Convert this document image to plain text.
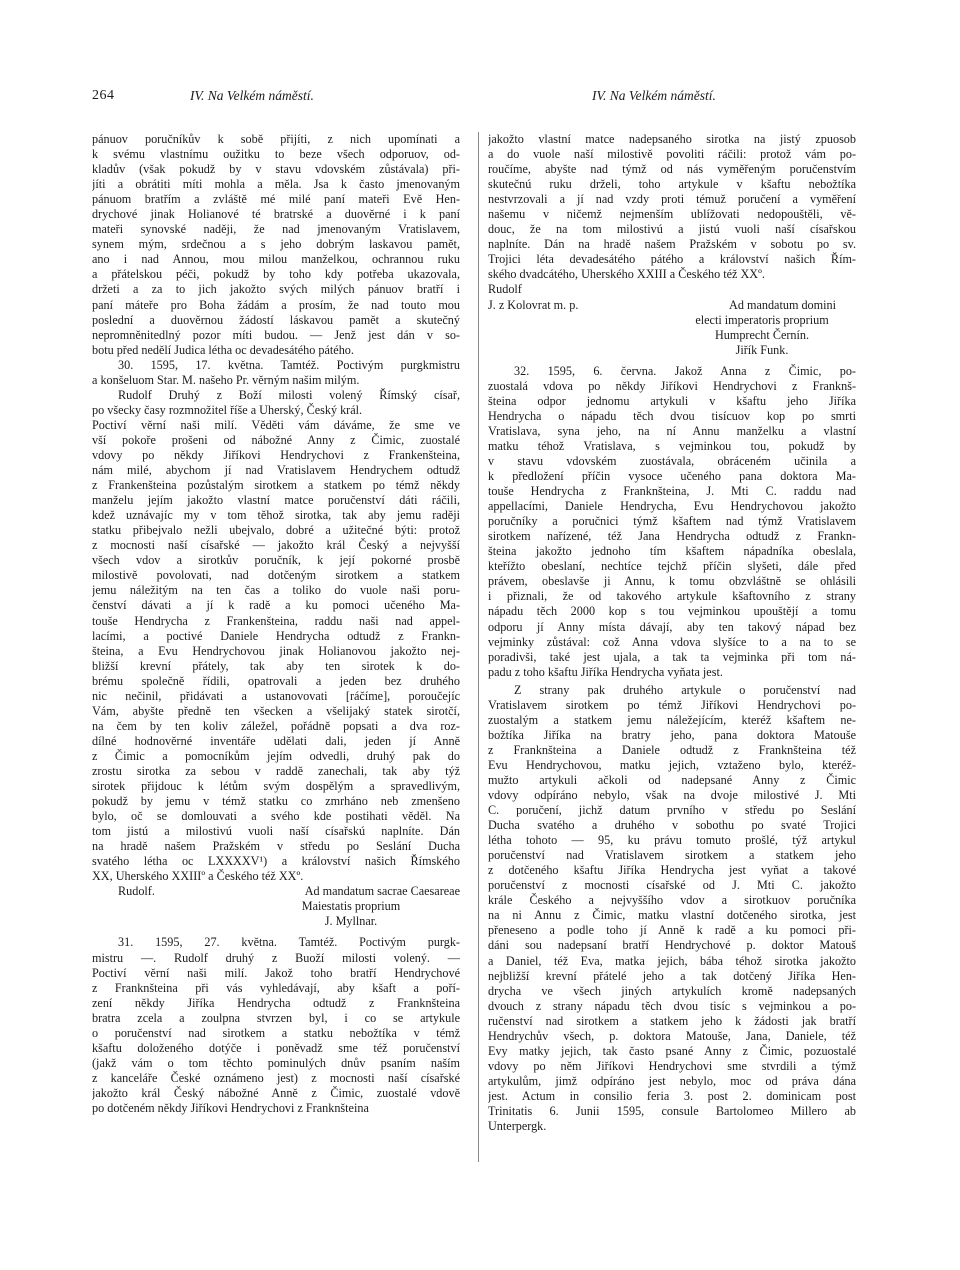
264	IV. Na Velkém náměstí.	IV. Na Velkém náměstí.
pánuov poručníkův k sobě přijíti, z nich upomínati a
k svému vlastnímu oužitku to beze všech odporuov, od-
kladův (však pokudž by v stavu vdovském zůstávala) při-
jíti a obrátiti míti mohla a měla. Jsa k často jmenovaným
pánuom bratřím a zvláště mé milé paní mateři Evě Hen-
drychové jinak Holianové té bratrské a duověrné i k paní
mateři synovské naději, že nad jmenovaným Vratislavem,
synem mým, srdečnou a s jeho dobrým laskavou pamět,
ano i nad Annou, mou milou manželkou, ochrannou ruku
a přátelskou péči, pokudž by toho kdy potřeba ukazovala,
držeti a za to jich jakožto svých milých pánuov bratří i
paní máteře pro Boha žádám a prosím, že nad touto mou
poslední a duověrnou žádostí láskavou pamět a skutečný
nepromněnitedlný pozor míti budou. — Jenž jest dán v so-
botu před nedělí Judica létha oc devadesátého pátého.
30. 1595, 17. května. Tamtéž. Poctivým purgkmistru
a konšeluom Star. M. našeho Pr. věrným našim milým.
Rudolf Druhý z Boží milosti volený Římský císař,
po všecky časy rozmnožitel říše a Uherský, Český král.
Poctiví věrní naši milí. Věděti vám dáváme, že sme ve
vší pokoře prošeni od nábožné Anny z Čimic, zuostalé
vdovy po někdy Jiříkovi Hendrychovi z Frankenšteina,
nám milé, abychom jí nad Vratislavem Hendrychem odtudž
z Frankenšteina pozůstalým sirotkem a statkem po témž někdy
manželu jejím jakožto vlastní matce poručenství dáti ráčili,
kdež uznávajíc my v tom těhož sirotka, tak aby jemu raději
statku přibejvalo nežli ubejvalo, dobré a užitečné býti: protož
z mocnosti naší císařské — jakožto král Český a nejvyšší
všech vdov a sirotkův poručník, k její pokorné prosbě
milostivě povolovati, nad dotčeným sirotkem a statkem
jemu náležitým na ten čas a toliko do vuole naši poru-
čenství dávati a jí k radě a ku pomoci učeného Ma-
touše Hendrycha z Frankenšteina, raddu naši nad appel-
lacími, a poctivé Daniele Hendrycha odtudž z Frankn-
šteina, a Evu Hendrychovou jinak Holianovou jakožto nej-
bližší krevní přátely, tak aby ten sirotek k do-
brému společně řídili, opatrovali a jeden bez druhého
nic nečinil, přidávati a ustanovovati [ráčíme], poroučejíc
Vám, abyšte předně ten všecken a všelijaký statek sirotčí,
na čem by ten koliv záležel, pořádně popsati a dva roz-
dílné hodnověrné inventáře udělati dali, jeden jí Anně
z Čimic a pomocníkům jejím odvedli, druhý pak do
zrostu sirotka za sebou v raddě zanechali, tak aby týž
sirotek přijdouc k létům svým dospělým a spravedlivým,
pokudž by jemu v témž statku co zmrháno neb zmenšeno
bylo, oč se domlouvati a svého kde postihati věděl. Na
tom jistú a milostivú vuoli naší císařskú naplníte. Dán
na hradě našem Pražském v středu po Seslání Ducha
svatého létha oc LXXXXV¹) a království našich Římského
XX, Uherského XXIIIº a Českého též XXº.
Rudolf.	Ad mandatum sacrae Caesareae
Maiestatis proprium
J. Myllnar.
31. 1595, 27. května. Tamtéž. Poctivým purgk-
mistru —. Rudolf druhý z Buoží milosti volený. —
Poctiví věrní naši milí. Jakož toho bratří Hendrychové
z Franknšteina při vás vyhledávají, aby kšaft a poří-
zení někdy Jiříka Hendrycha odtudž z Franknšteina
bratra zcela a zoulpna stvrzen byl, i co se artykule
o poručenství nad sirotkem a statku nebožtíka v témž
kšaftu doloženého dotýče i poněvadž sme též poručenství
(jakž vám o tom těchto pominulých dnův psaním naším
z kanceláře České oznámeno jest) z mocnosti naší císařské
jakožto král Český nábožné Anně z Čimic, zuostalé vdově
po dotčeném někdy Jiříkovi Hendrychovi z Franknšteina
jakožto vlastní matce nadepsaného sirotka na jistý zpuosob
a do vuole naší milostivě povoliti ráčili: protož vám po-
roučíme, abyšte nad týmž od nás vyměřeným poručenstvím
skutečnú ruku drželi, toho artykule v kšaftu nebožtíka
nestvrzovali a jí nad vzdy proti témuž poručení a vyměření
našemu v ničemž nejmenším ublížovati nedopouštěli, vě-
douc, že na tom milostivú a jistú vuoli naší císařskou
naplníte. Dán na hradě našem Pražském v sobotu po sv.
Trojici léta devadesátého pátého a království našich Řím-
ského dvadcátého, Uherského XXIII a Českého též XXº.
Rudolf
J. z Kolovrat m. p.	Ad mandatum domini
electi imperatoris proprium
Humprecht Černín.
Jiřík Funk.
32. 1595, 6. června. Jakož Anna z Čimic, po-
zuostalá vdova po někdy Jiříkovi Hendrychovi z Franknš-
šteina odpor jednomu artykuli v kšaftu jeho Jiříka
Hendrycha o nápadu těch dvou tisícuov kop po smrti
Vratislava, syna jeho, na ní Annu manželku a vlastní
matku téhož Vratislava, s vejminkou tou, pokudž by
v stavu vdovském zuostávala, obráceném učinila a
k předložení příčin vysoce učeného pana doktora Ma-
touše Hendrycha z Franknšteina, J. Mti C. raddu nad
appellacími, Daniele Hendrycha, Evu Hendrychovou jakožto
poručníky a poručnici týmž kšaftem nad týmž Vratislavem
sirotkem nařízené, též Jana Hendrycha odtudž z Frankn-
šteina jakožto jednoho tím kšaftem nápadníka obeslala,
kteřížto obeslaní, nechtíce tejchž příčin slyšeti, dále před
právem, obeslavše ji Annu, k tomu obzvláštně se ohlásili
i přiznali, že od takového artykule kšaftovního z strany
nápadu těch 2000 kop s tou vejminkou upouštějí a tomu
odporu jí Anny místa dávají, aby ten takový nápad bez
vejminky zůstával: což Anna vdova slyšíce to a na to se
poradivši, také jest ujala, a tak ta vejminka při tom ná-
padu z toho kšaftu Jiříka Hendrycha vyňata jest.
Z strany pak druhého artykule o poručenství nad
Vratislavem sirotkem po témž Jiříkovi Hendrychovi po-
zuostalým a statkem jemu náležejícím, kteréž kšaftem ne-
božtíka Jiříka na bratry jeho, pana doktora Matouše
z Franknšteina a Daniele odtudž z Franknšteina též
Evu Hendrychovou, matku jejich, vztaženo bylo, kteréž-
mužto artykuli ačkoli od nadepsané Anny z Čimic
vdovy odpíráno nebylo, však na dvoje milostivé J. Mti
C. poručení, jichž datum prvního v středu po Seslání
Ducha svatého a druhého v sobothu po svaté Trojici
létha tohoto — 95, ku právu tomuto prošlé, týž artykul
poručenství nad Vratislavem sirotkem a statkem jeho
z dotčeného kšaftu Jiříka Hendrycha jest vyňat a takové
poručenství z mocnosti císařské od J. Mti C. jakožto
krále Českého a nejvyššího vdov a sirotkuov poručníka
na ni Annu z Čimic, matku vlastní dotčeného sirotka, jest
přeneseno a podle toho jí Anně k radě a ku pomoci při-
dáni sou nadepsaní bratří Hendrychové p. doktor Matouš
a Daniel, též Eva, matka jejich, bába téhož sirotka jakožto
nejbližší krevní přátelé jeho a tak dotčený Jiříka Hen-
drycha ve všech jiných artykulích kromě nadepsaných
dvouch z strany nápadu těch dvou tisíc s vejminkou a po-
ručenství nad sirotkem a statkem jeho k žádosti jak bratří
Hendrychův všech, p. doktora Matouše, Jana, Daniele, též
Evy matky jejich, tak často psané Anny z Čimic, pozuostalé
vdovy po něm Jiříkovi Hendrychovi sme stvrdili a týmž
artykulům, jimž odpíráno jest nebylo, moc od práva dána
jest. Actum in consilio feria 3. post 2. dominicam post
Trinitatis 6. Junii 1595, consule Bartolomeo Millero ab
Unterpergk.
